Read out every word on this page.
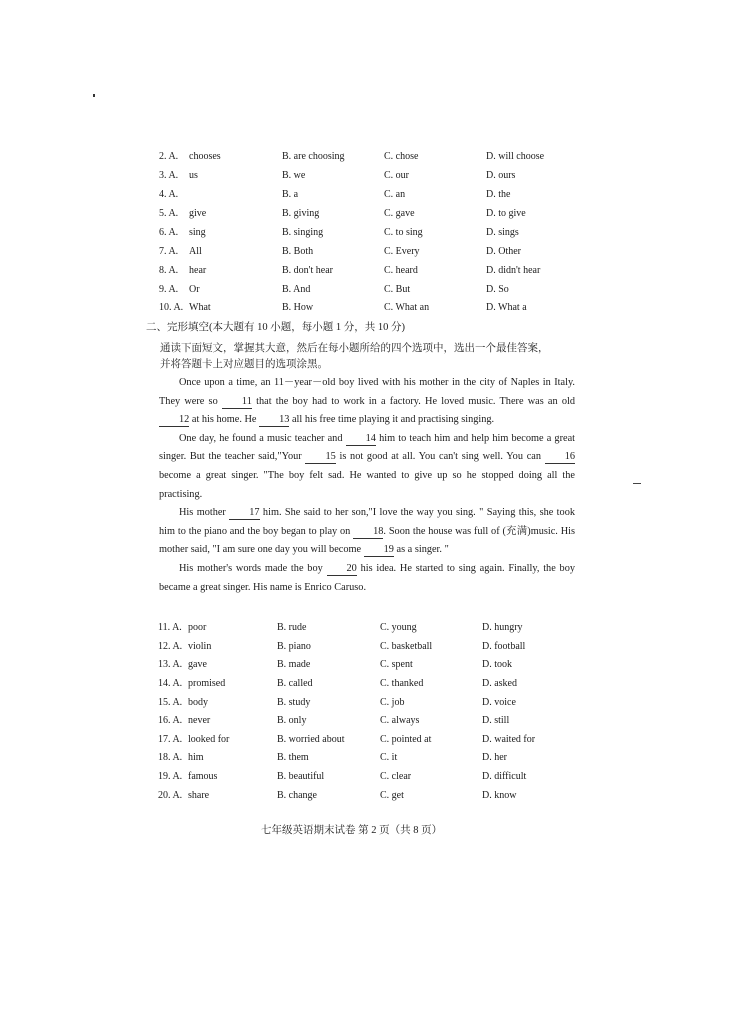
2. A. chooses	B. are choosing	C. chose	D. will choose
3. A. us	B. we	C. our	D. ours
4. A.	B. a	C. an	D. the
5. A. give	B. giving	C. gave	D. to give
6. A. sing	B. singing	C. to sing	D. sings
7. A. All	B. Both	C. Every	D. Other
8. A. hear	B. don't hear	C. heard	D. didn't hear
9. A. Or	B. And	C. But	D. So
10. A. What	B. How	C. What an	D. What a
二、完形填空(本大题有 10 小题，每小题 1 分，共 10 分)
通读下面短文，掌握其大意，然后在每小题所给的四个选项中，选出一个最佳答案，
并将答题卡上对应题目的选项涂黑。

Once upon a time, an 11－year－old boy lived with his mother in the city of Naples in Italy. They were so 11 that the boy had to work in a factory. He loved music. There was an old 12 at his home. He 13 all his free time playing it and practising singing.

One day, he found a music teacher and 14 him to teach him and help him become a great singer. But the teacher said,"Your 15 is not good at all. You can't sing well. You can 16 become a great singer. "The boy felt sad. He wanted to give up so he stopped doing all the practising.

His mother 17 him. She said to her son,"I love the way you sing. " Saying this, she took him to the piano and the boy began to play on 18. Soon the house was full of (充满)music. His mother said, "I am sure one day you will become 19 as a singer. "

His mother's words made the boy 20 his idea. He started to sing again. Finally, the boy became a great singer. His name is Enrico Caruso.

11. A. poor	B. rude	C. young	D. hungry
12. A. violin	B. piano	C. basketball	D. football
13. A. gave	B. made	C. spent	D. took
14. A. promised	B. called	C. thanked	D. asked
15. A. body	B. study	C. job	D. voice
16. A. never	B. only	C. always	D. still
17. A. looked for	B. worried about	C. pointed at	D. waited for
18. A. him	B. them	C. it	D. her
19. A. famous	B. beautiful	C. clear	D. difficult
20. A. share	B. change	C. get	D. know
七年级英语期末试卷 第 2 页（共 8 页）
